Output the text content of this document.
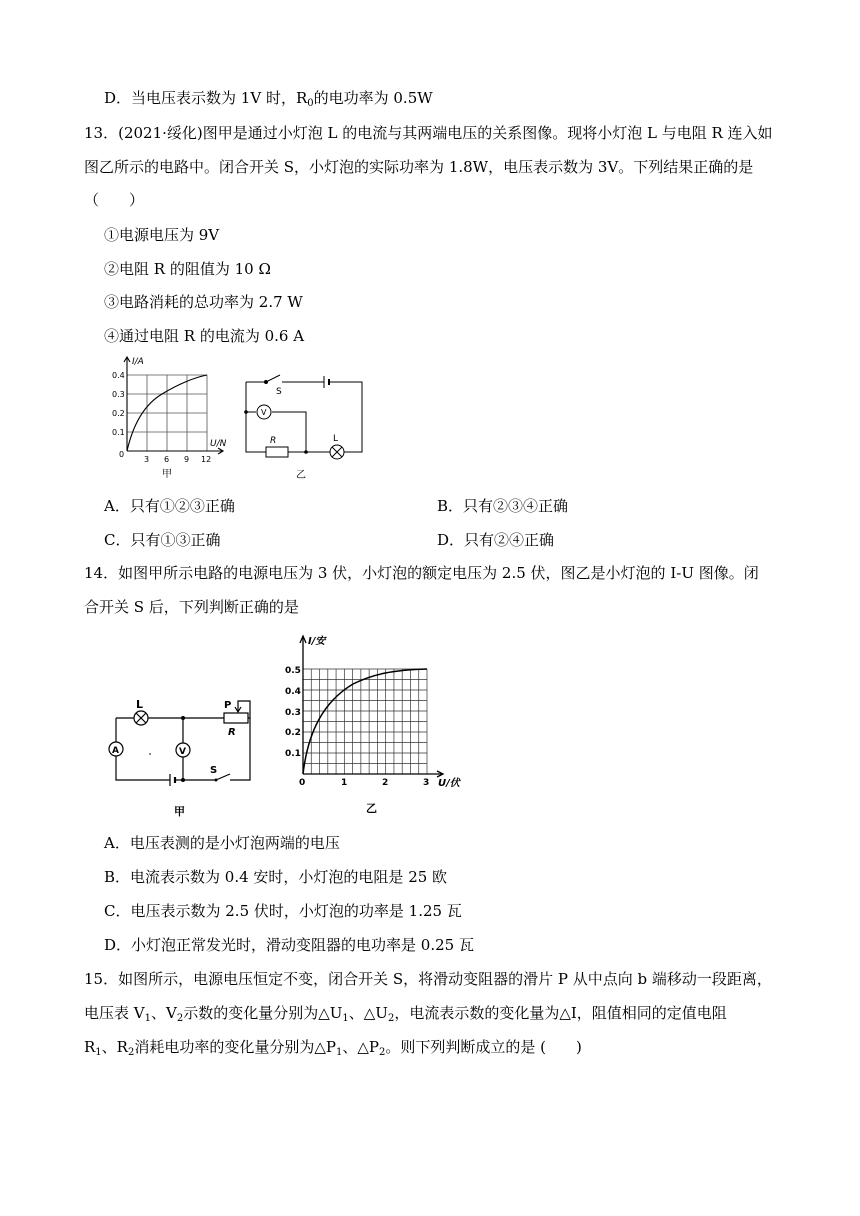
D．当电压表示数为 1V 时，$R_0$的电功率为 0.5W
13．(2021·绥化)图甲是通过小灯泡 L 的电流与其两端电压的关系图像。现将小灯泡 L 与电阻 R 连入如
图乙所示的电路中。闭合开关 S，小灯泡的实际功率为 1.8W，电压表示数为 3V。下列结果正确的是
（　　）
①电源电压为 9V
②电阻 R 的阻值为 10 Ω
③电路消耗的总功率为 2.7 W
④通过电阻 R 的电流为 0.6 A
I/A
U/N
0
3 6 9 12
0.1
0.2
0.3
0.4
甲
S
R	L
V
乙
A．只有①②③正确	B．只有②③④正确
C．只有①③正确	D．只有②④正确
14．如图甲所示电路的电源电压为 3 伏，小灯泡的额定电压为 2.5 伏，图乙是小灯泡的 I-U 图像。闭
合开关 S 后，下列判断正确的是
L
A	V
P
R
S
甲
I/安
U/伏
0	1	2	3
0.1
0.2
0.3
0.4
0.5
乙
A．电压表测的是小灯泡两端的电压
B．电流表示数为 0.4 安时，小灯泡的电阻是 25 欧
C．电压表示数为 2.5 伏时，小灯泡的功率是 1.25 瓦
D．小灯泡正常发光时，滑动变阻器的电功率是 0.25 瓦
15．如图所示，电源电压恒定不变，闭合开关 S，将滑动变阻器的滑片 P 从中点向 b 端移动一段距离，
电压表 $V_1$、$V_2$示数的变化量分别为$\triangle U_1$、$\triangle U_2$，电流表示数的变化量为△I，阻值相同的定值电阻
$R_1$、$R_2$消耗电功率的变化量分别为$\triangle P_1$、$\triangle P_2$。则下列判断成立的是 (　　)
